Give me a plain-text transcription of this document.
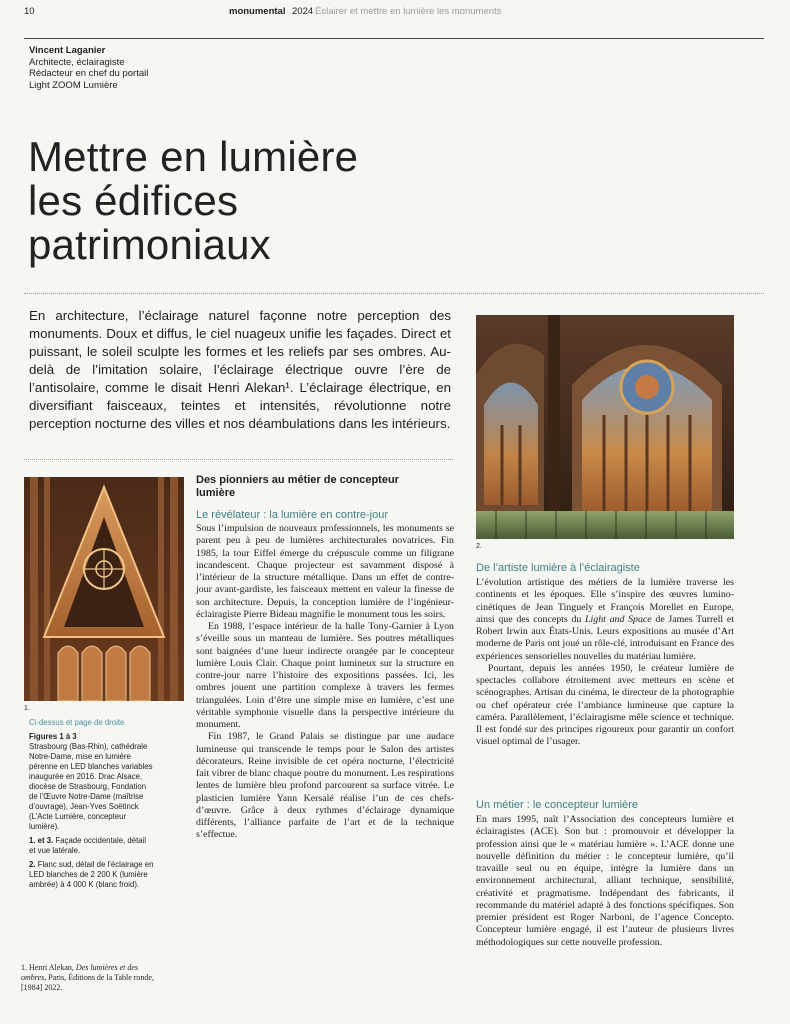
10	monumental 2024 Éclairer et mettre en lumière les monuments
Vincent Laganier
Architecte, éclairagiste
Rédacteur en chef du portail
Light ZOOM Lumière
Mettre en lumière
les édifices
patrimoniaux
En architecture, l’éclairage naturel façonne notre perception des monuments. Doux et diffus, le ciel nuageux unifie les façades. Direct et puissant, le soleil sculpte les formes et les reliefs par ses ombres. Au-delà de l’imitation solaire, l’éclairage électrique ouvre l’ère de l’antisolaire, comme le disait Henri Alekan¹. L’éclairage électrique, en diversifiant faisceaux, teintes et intensités, révolutionne notre perception nocturne des villes et nos déambulations dans les intérieurs.
2.
1.

Ci-dessus et page de droite

Figures 1 à 3

Strasbourg (Bas-Rhin), cathédrale Notre-Dame, mise en lumière pérenne en LED blanches variables inaugurée en 2016. Drac Alsace, diocèse de Strasbourg, Fondation de l’Œuvre Notre-Dame (maîtrise d’ouvrage), Jean-Yves Soëtinck (L’Acte Lumière, concepteur lumière).

1. et 3. Façade occidentale, détail et vue latérale.

2. Flanc sud, détail de l’éclairage en LED blanches de 2 200 K (lumière ambrée) à 4 000 K (blanc froid).

1. Henri Alekan, Des lumières et des ombres, Paris, Éditions de la Table ronde, [1984] 2022.
Des pionniers au métier de concepteur lumière
Le révélateur : la lumière en contre-jour

Sous l’impulsion de nouveaux professionnels, les monuments se parent peu à peu de lumières architecturales novatrices. Fin 1985, la tour Eiffel émerge du crépuscule comme un filigrane incandescent. Chaque projecteur est savamment disposé à l’intérieur de la structure métallique. Dans un effet de contre-jour avant-gardiste, les faisceaux mettent en valeur la finesse de son architecture. Depuis, la conception lumière de l’ingénieur-éclairagiste Pierre Bideau magnifie le monument tous les soirs.

En 1988, l’espace intérieur de la halle Tony-Garnier à Lyon s’éveille sous un manteau de lumière. Ses poutres métalliques sont baignées d’une lueur indirecte orangée par le concepteur lumière Louis Clair. Chaque point lumineux sur la structure en contre-jour narre l’histoire des expositions passées. Ici, les ombres jouent une partition complexe à travers les fermes triangulées. Loin d’être une simple mise en lumière, c’est une véritable symphonie visuelle dans la perspective intérieure du monument.

Fin 1987, le Grand Palais se distingue par une audace lumineuse qui transcende le temps pour le Salon des artistes décorateurs. Reine invisible de cet opéra nocturne, l’électricité fait vibrer de blanc chaque poutre du monument. Les respirations lentes de lumière bleu profond parcourent sa surface vitrée. Le plasticien lumière Yann Kersalé réalise l’un de ces chefs-d’œuvre. Grâce à deux rythmes d’éclairage dynamique différents, l’alliance parfaite de l’art et de la technique s’effectue.

De l’artiste lumière à l’éclairagiste

L’évolution artistique des métiers de la lumière traverse les continents et les époques. Elle s’inspire des œuvres lumino-cinétiques de Jean Tinguely et François Morellet en Europe, ainsi que des concepts du Light and Space de James Turrell et Robert Irwin aux États-Unis. Leurs expositions au musée d’Art moderne de Paris ont joué un rôle-clé, introduisant en France des expériences sensorielles nouvelles du matériau lumière.

Pourtant, depuis les années 1950, le créateur lumière de spectacles collabore étroitement avec metteurs en scène et scénographes. Artisan du cinéma, le directeur de la photographie ou chef opérateur crée l’ambiance lumineuse que capture la caméra. Parallèlement, l’éclairagisme mêle science et technique. Il est fondé sur des principes rigoureux pour garantir un confort visuel optimal de l’usager.

Un métier : le concepteur lumière

En mars 1995, naît l’Association des concepteurs lumière et éclairagistes (ACE). Son but : promouvoir et développer la profession ainsi que le « matériau lumière ». L’ACE donne une nouvelle définition du métier : le concepteur lumière, qu’il travaille seul ou en équipe, intègre la lumière dans un environnement architectural, alliant technique, sensibilité, créativité et pragmatisme. Indépendant des fabricants, il recommande du matériel adapté à des fonctions spécifiques. Son premier président est Roger Narboni, de l’agence Concepto. Concepteur lumière engagé, il est l’auteur de plusieurs livres méthodologiques sur cette nouvelle profession.
